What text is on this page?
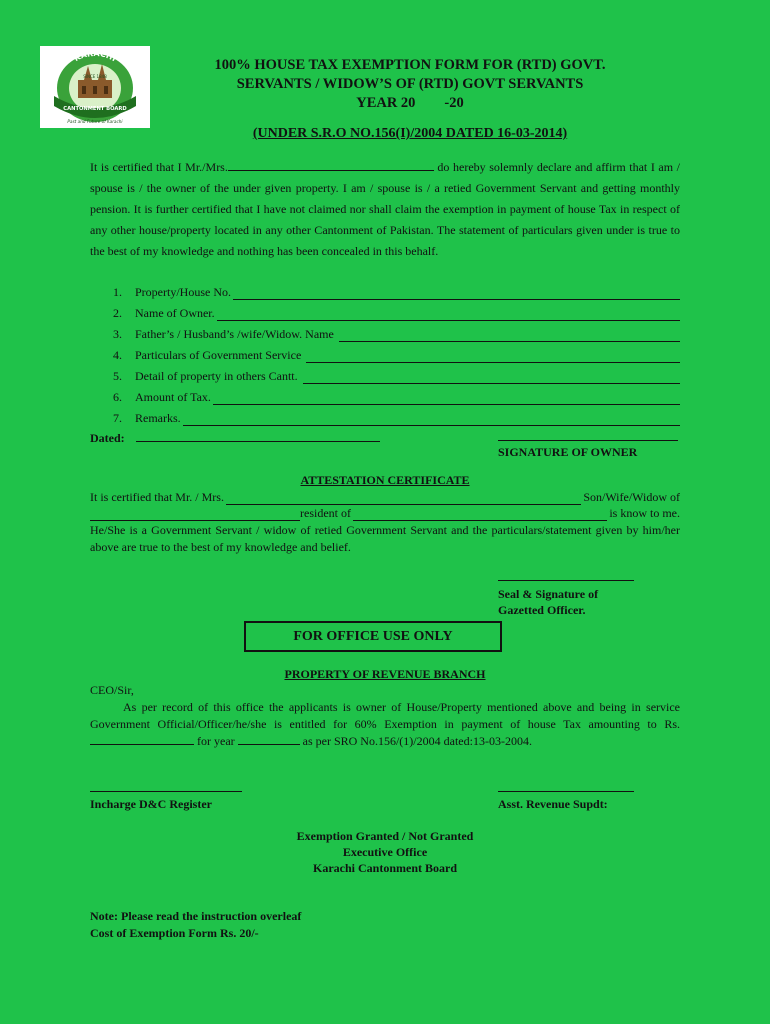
KARACHI
SINCE 1848
CANTONMENT BOARD
Past and Future of Karachi
100% HOUSE TAX EXEMPTION FORM FOR (RTD) GOVT.
SERVANTS / WIDOW’S OF (RTD) GOVT SERVANTS
YEAR 20        -20
(UNDER S.R.O NO.156(I)/2004 DATED 16-03-2014)
It is certified that I Mr./Mrs.	do hereby solemnly declare and affirm that I am / spouse is / the owner of the under given property. I am / spouse is / a retied Government Servant and getting monthly pension. It is further certified that I have not claimed nor shall claim the exemption in payment of house Tax in respect of any other house/property located in any other Cantonment of Pakistan. The statement of particulars given under is true to the best of my knowledge and nothing has been concealed in this behalf.
1.	Property/House No.
2.	Name of Owner.
3.	Father’s / Husband’s /wife/Widow. Name
4.	Particulars of Government Service
5.	Detail of property in others Cantt.
6.	Amount of Tax.
7.	Remarks.
Dated:
SIGNATURE OF OWNER
ATTESTATION CERTIFICATE
It is certified that Mr. / Mrs.	Son/Wife/Widow of
resident of	is know to me.
He/She is a Government Servant / widow of retied Government Servant and the particulars/statement given by him/her above are true to the best of my knowledge and belief.
Seal & Signature of
Gazetted Officer.
FOR OFFICE USE ONLY
PROPERTY OF REVENUE BRANCH
CEO/Sir,
As per record of this office the applicants is owner of House/Property mentioned above and being in service Government Official/Officer/he/she is entitled for 60% Exemption in payment of house Tax amounting to Rs. for year	as per SRO No.156/(1)/2004 dated:13-03-2004.
Incharge D&C Register	Asst. Revenue Supdt:
Exemption Granted / Not Granted
Executive Office
Karachi Cantonment Board
Note: Please read the instruction overleaf
Cost of Exemption Form Rs. 20/-
